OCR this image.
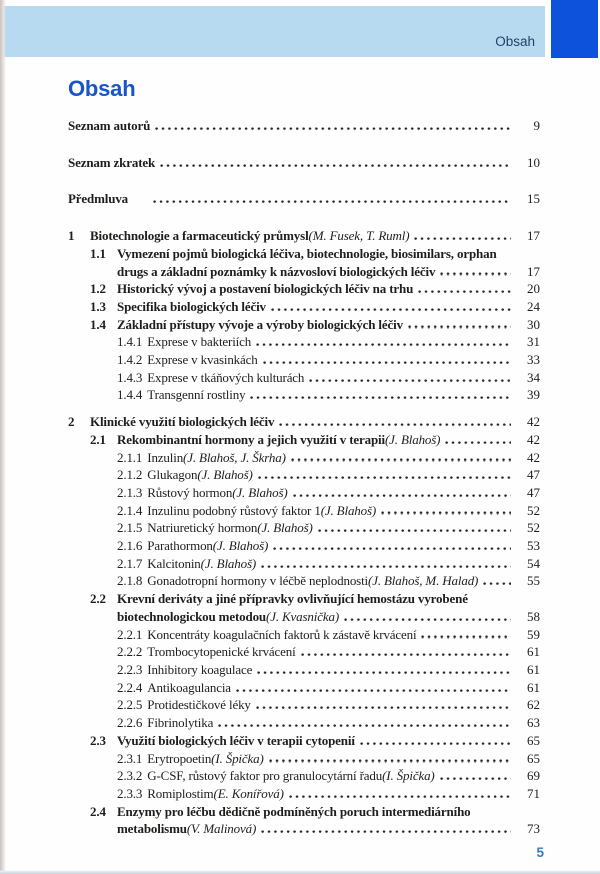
Obsah
Obsah
Seznam autorů	9
Seznam zkratek	10
Předmluva	15
1	Biotechnologie a farmaceutický průmysl (M. Fusek, T. Ruml)	17
1.1 Vymezení pojmů biologická léčiva, biotechnologie, biosimilars, orphan
drugs a základní poznámky k názvosloví biologických léčiv	17
1.2 Historický vývoj a postavení biologických léčiv na trhu	20
1.3 Specifika biologických léčiv	24
1.4 Základní přístupy vývoje a výroby biologických léčiv	30
1.4.1 Exprese v bakteriích	31
1.4.2 Exprese v kvasinkách	33
1.4.3 Exprese v tkáňových kulturách	34
1.4.4 Transgenní rostliny	39
2	Klinické využití biologických léčiv	42
2.1 Rekombinantní hormony a jejich využití v terapii (J. Blahoš)	42
2.1.1 Inzulin (J. Blahoš, J. Škrha)	42
2.1.2 Glukagon (J. Blahoš)	47
2.1.3 Růstový hormon (J. Blahoš)	47
2.1.4 Inzulinu podobný růstový faktor 1 (J. Blahoš)	52
2.1.5 Natriuretický hormon (J. Blahoš)	52
2.1.6 Parathormon (J. Blahoš)	53
2.1.7 Kalcitonin (J. Blahoš)	54
2.1.8 Gonadotropní hormony v léčbě neplodnosti (J. Blahoš, M. Halad)	55
2.2 Krevní deriváty a jiné přípravky ovlivňující hemostázu vyrobené
biotechnologickou metodou (J. Kvasnička)	58
2.2.1 Koncentráty koagulačních faktorů k zástavě krvácení	59
2.2.2 Trombocytopenické krvácení	61
2.2.3 Inhibitory koagulace	61
2.2.4 Antikoagulancia	61
2.2.5 Protidestičkové léky	62
2.2.6 Fibrinolytika	63
2.3 Využití biologických léčiv v terapii cytopenií	65
2.3.1 Erytropoetin (I. Špička)	65
2.3.2 G-CSF, růstový faktor pro granulocytární řadu (I. Špička)	69
2.3.3 Romiplostim (E. Konířová)	71
2.4 Enzymy pro léčbu dědičně podmíněných poruch intermediárního
metabolismu (V. Malinová)	73
5
